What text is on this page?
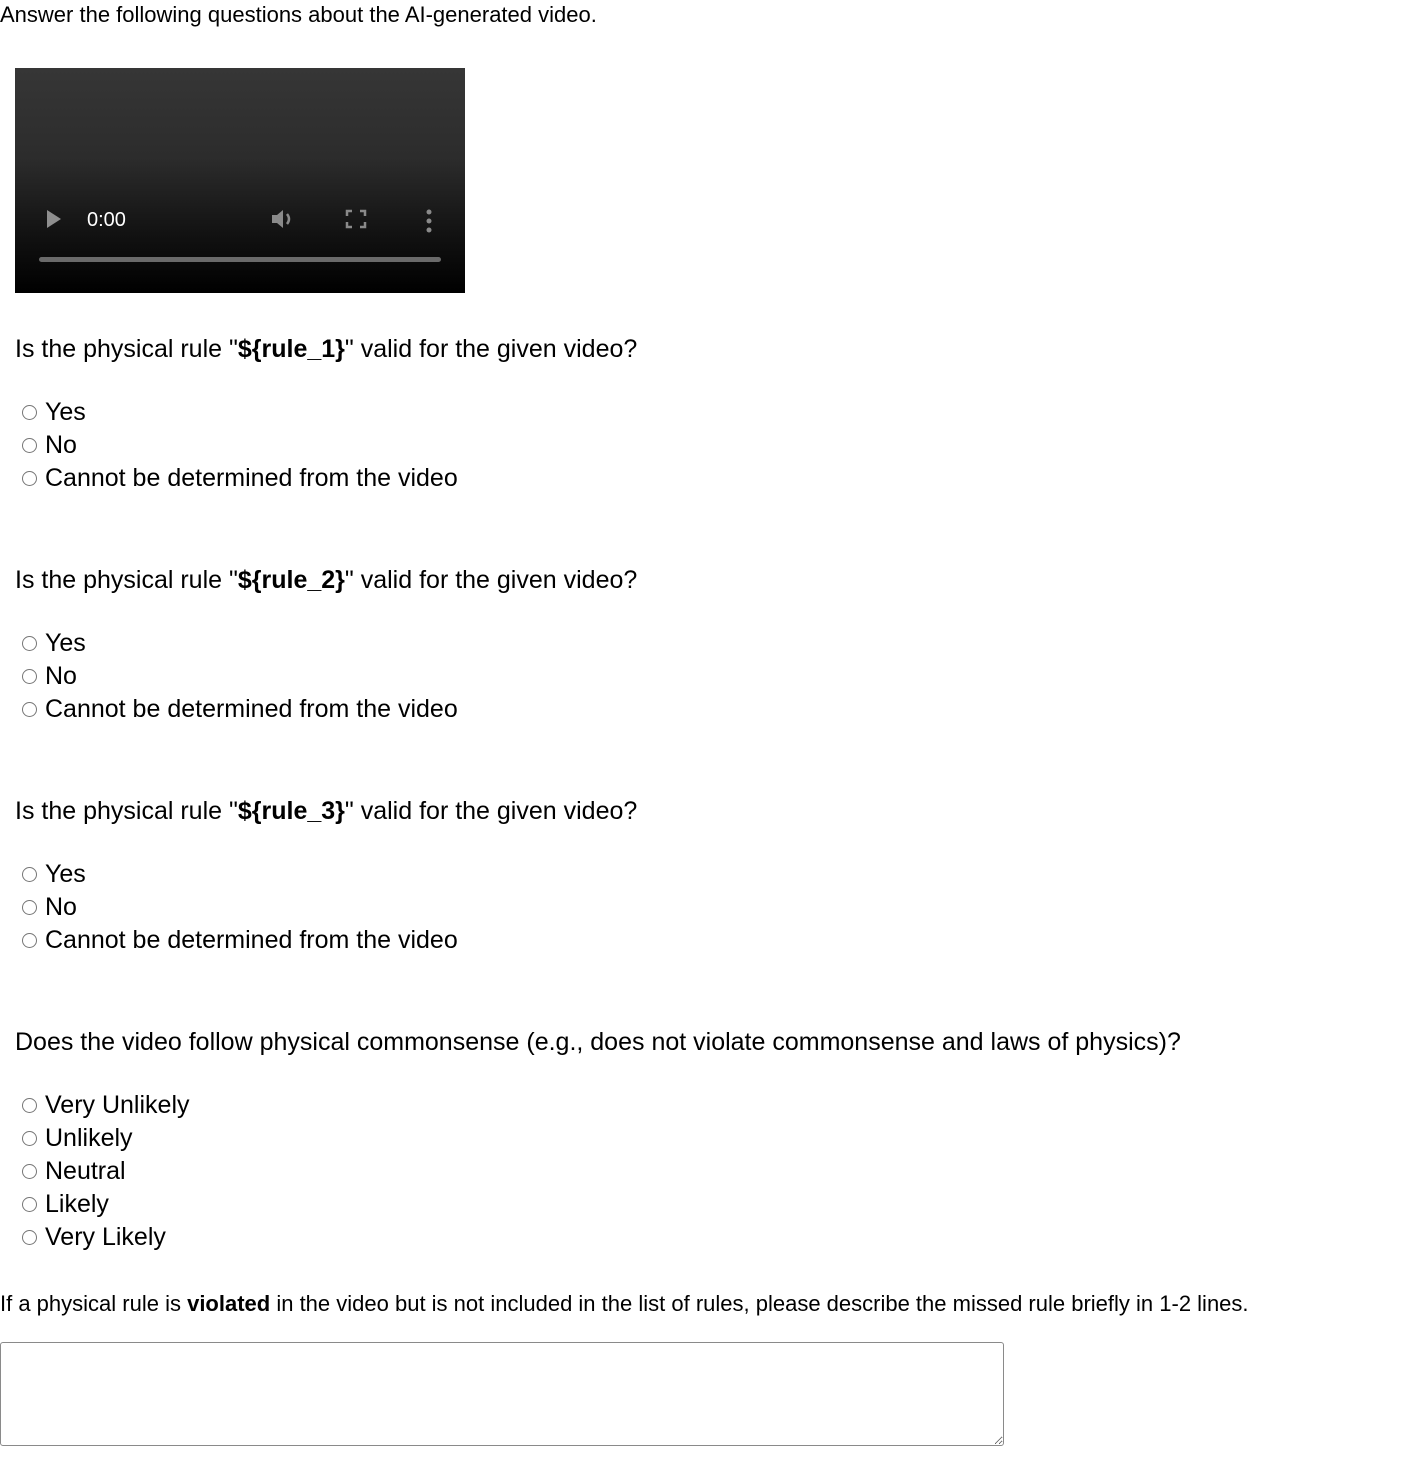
Answer the following questions about the AI-generated video.
0:00

Is the physical rule "${rule_1}" valid for the given video?

Yes
No
Cannot be determined from the video

Is the physical rule "${rule_2}" valid for the given video?

Yes
No
Cannot be determined from the video

Is the physical rule "${rule_3}" valid for the given video?

Yes
No
Cannot be determined from the video

Does the video follow physical commonsense (e.g., does not violate commonsense and laws of physics)?

Very Unlikely
Unlikely
Neutral
Likely
Very Likely
If a physical rule is violated in the video but is not included in the list of rules, please describe the missed rule briefly in 1-2 lines.
